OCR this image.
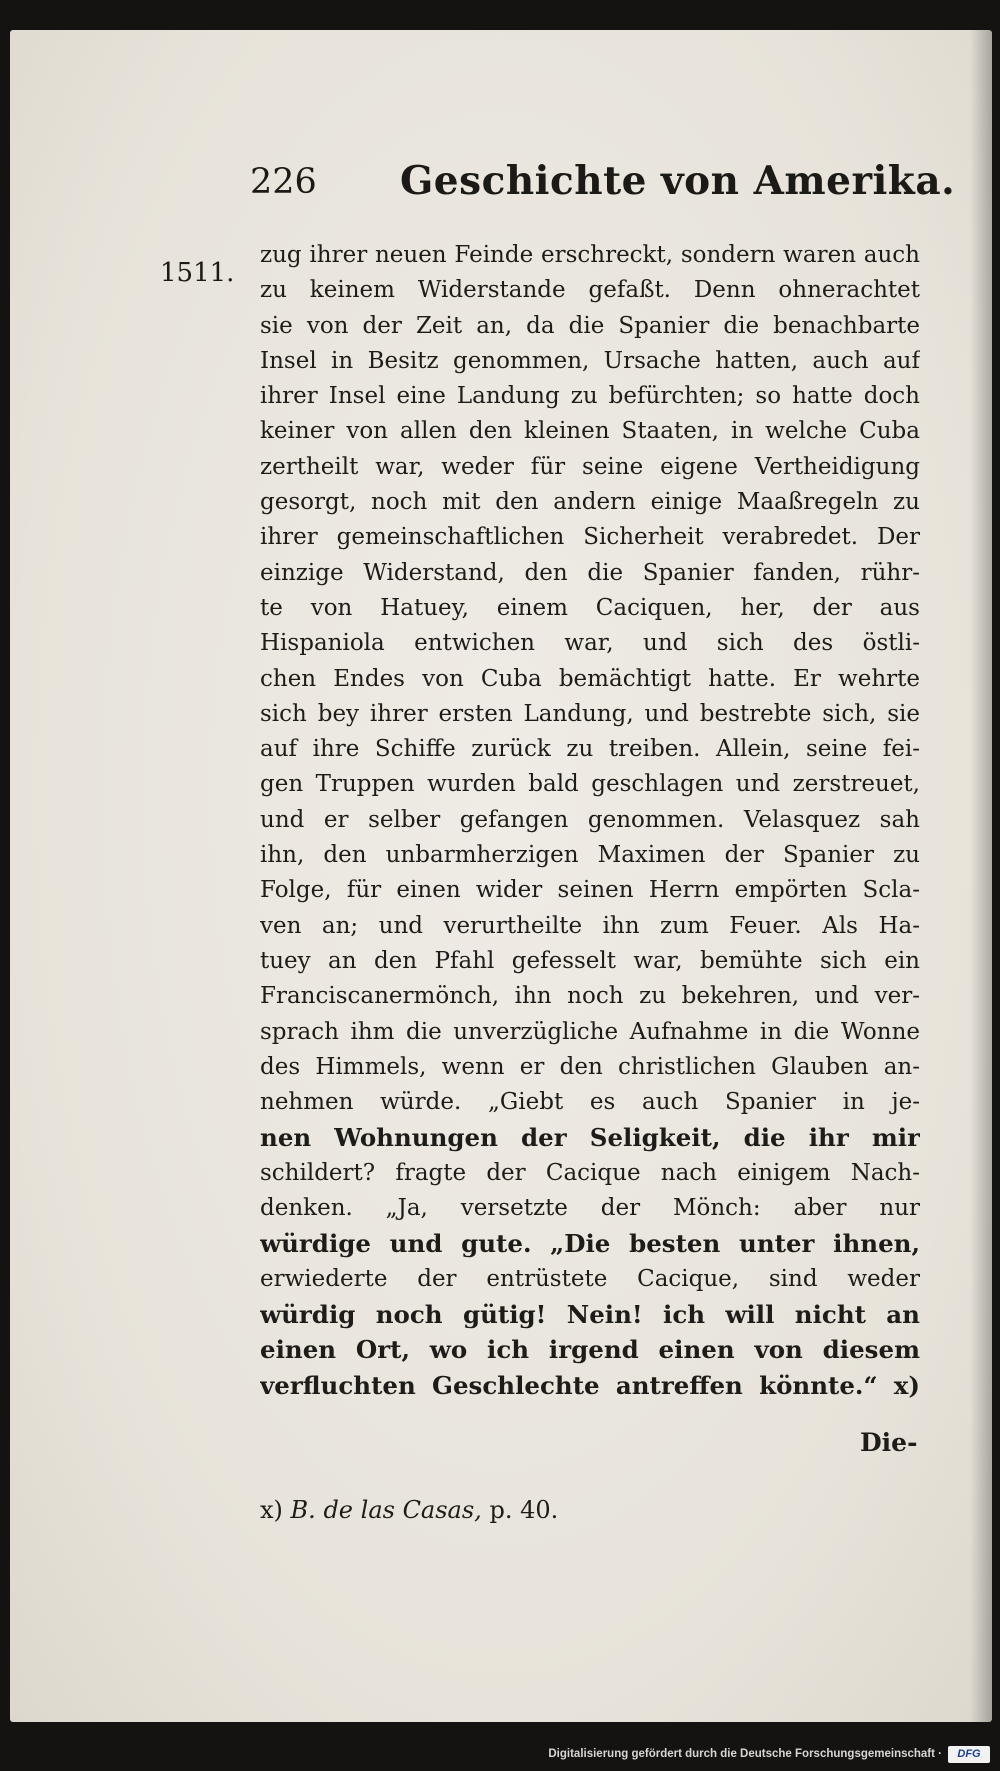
226 Geschichte von Amerika.
1511.
zug ihrer neuen Feinde erschreckt, sondern waren auch
zu keinem Widerstande gefaßt. Denn ohnerachtet
sie von der Zeit an, da die Spanier die benachbarte
Insel in Besitz genommen, Ursache hatten, auch auf
ihrer Insel eine Landung zu befürchten; so hatte doch
keiner von allen den kleinen Staaten, in welche Cuba
zertheilt war, weder für seine eigene Vertheidigung
gesorgt, noch mit den andern einige Maaßregeln zu
ihrer gemeinschaftlichen Sicherheit verabredet. Der
einzige Widerstand, den die Spanier fanden, rühr-
te von Hatuey, einem Caciquen, her, der aus
Hispaniola entwichen war, und sich des östli-
chen Endes von Cuba bemächtigt hatte. Er wehrte
sich bey ihrer ersten Landung, und bestrebte sich, sie
auf ihre Schiffe zurück zu treiben. Allein, seine fei-
gen Truppen wurden bald geschlagen und zerstreuet,
und er selber gefangen genommen. Velasquez sah
ihn, den unbarmherzigen Maximen der Spanier zu
Folge, für einen wider seinen Herrn empörten Scla-
ven an; und verurtheilte ihn zum Feuer. Als Ha-
tuey an den Pfahl gefesselt war, bemühte sich ein
Franciscanermönch, ihn noch zu bekehren, und ver-
sprach ihm die unverzügliche Aufnahme in die Wonne
des Himmels, wenn er den christlichen Glauben an-
nehmen würde. „Giebt es auch Spanier in je-
nen Wohnungen der Seligkeit, die ihr mir
schildert? fragte der Cacique nach einigem Nach-
denken. „Ja, versetzte der Mönch: aber nur
würdige und gute. „Die besten unter ihnen,
erwiederte der entrüstete Cacique, sind weder
würdig noch gütig! Nein! ich will nicht an
einen Ort, wo ich irgend einen von diesem
verfluchten Geschlechte antreffen könnte.“ x)
Die-
x) B. de las Casas, p. 40.
Digitalisierung gefördert durch die Deutsche Forschungsgemeinschaft ·	DFG
